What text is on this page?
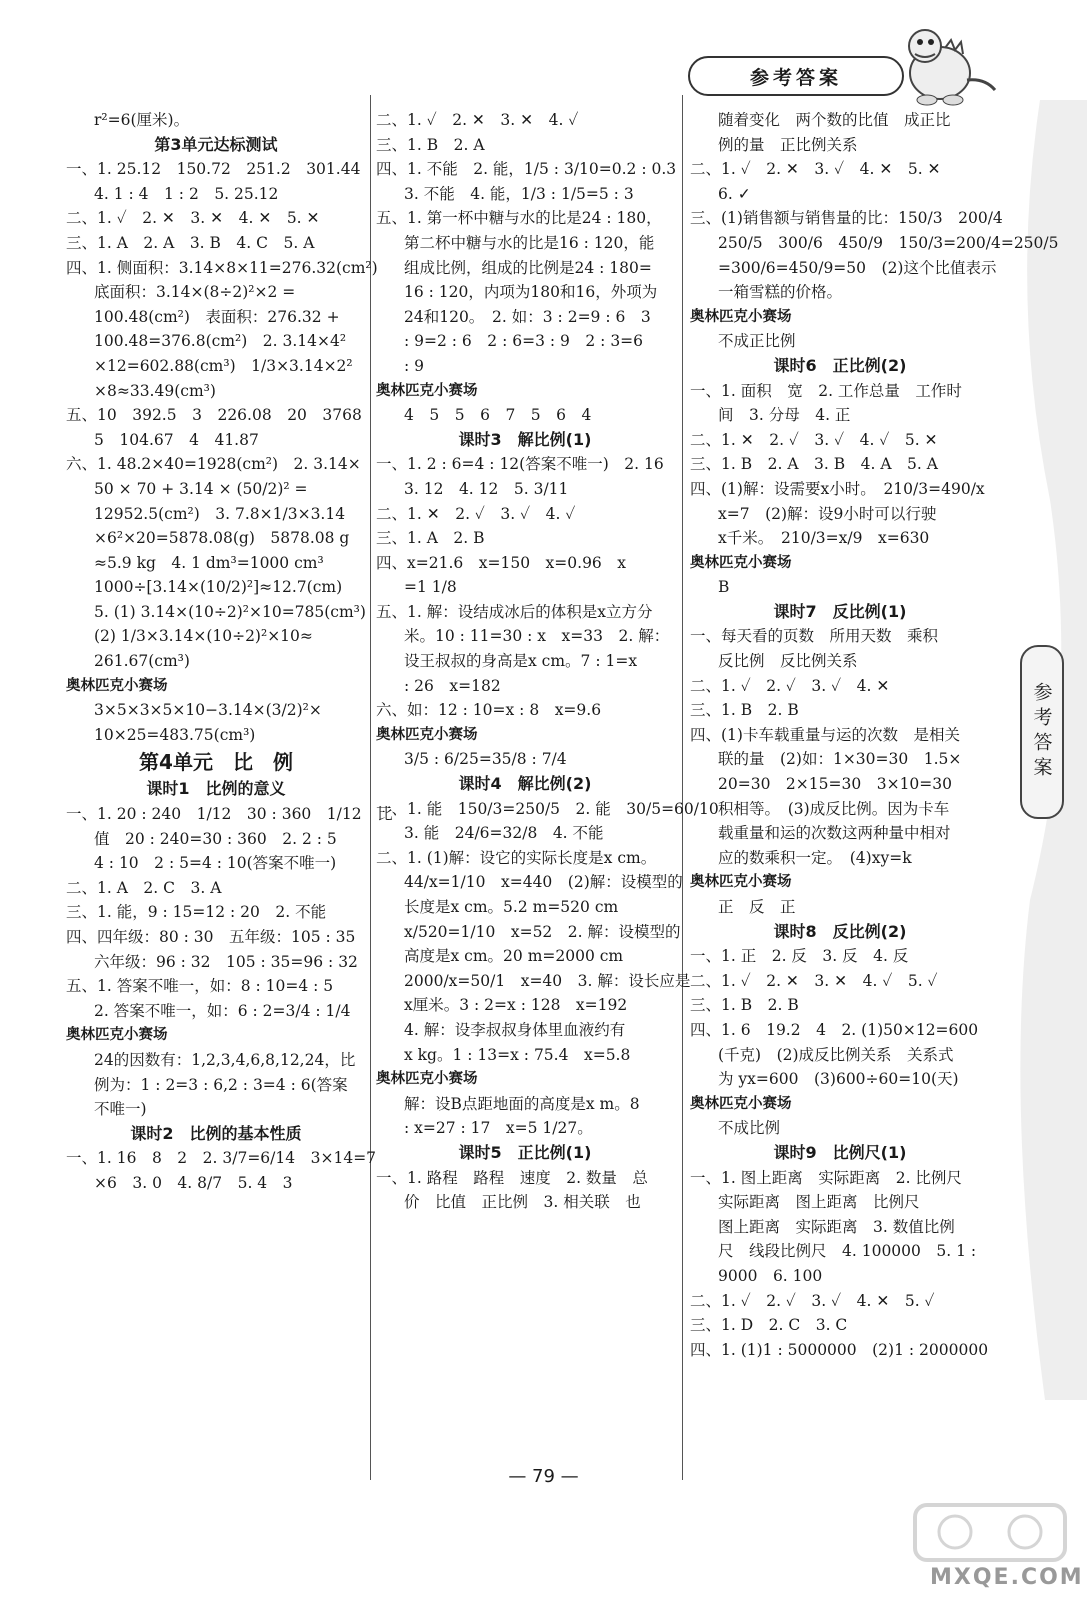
参考答案
参考答案
r²=6(厘米)。
第3单元达标测试
一、1. 25.12　150.72　251.2　301.44
4. 1 : 4　1 : 2　5. 25.12
二、1. ✓　2. ✕　3. ✕　4. ✕　5. ✕
三、1. A　2. A　3. B　4. C　5. A
四、1. 侧面积：3.14×8×11=276.32(cm²)
底面积：3.14×(8÷2)²×2 =
100.48(cm²)　表面积：276.32 +
100.48=376.8(cm²)　2. 3.14×4²
×12=602.88(cm³)　1/3×3.14×2²
×8≈33.49(cm³)
五、10　392.5　3　226.08　20　3768
5　104.67　4　41.87
六、1. 48.2×40=1928(cm²)　2. 3.14×
50 × 70 + 3.14 × (50/2)² =
12952.5(cm²)　3. 7.8×1/3×3.14
×6²×20=5878.08(g)　5878.08 g
≈5.9 kg　4. 1 dm³=1000 cm³
1000÷[3.14×(10/2)²]≈12.7(cm)
5. (1) 3.14×(10÷2)²×10=785(cm³)
(2) 1/3×3.14×(10÷2)²×10≈
261.67(cm³)
奥林匹克小赛场
3×5×3×5×10−3.14×(3/2)²×
10×25=483.75(cm³)
第4单元　比　例
课时1　比例的意义
一、1. 20 : 240　1/12　30 : 360　1/12　比
值　20 : 240=30 : 360　2. 2 : 5
4 : 10　2 : 5=4 : 10(答案不唯一)
二、1. A　2. C　3. A
三、1. 能，9 : 15=12 : 20　2. 不能
四、四年级：80 : 30　五年级：105 : 35
六年级：96 : 32　105 : 35=96 : 32
五、1. 答案不唯一，如：8 : 10=4 : 5
2. 答案不唯一，如：6 : 2=3/4 : 1/4
奥林匹克小赛场
24的因数有：1,2,3,4,6,8,12,24，比
例为：1 : 2=3 : 6,2 : 3=4 : 6(答案
不唯一)
课时2　比例的基本性质
一、1. 16　8　2　2. 3/7=6/14　3×14=7
×6　3. 0　4. 8/7　5. 4　3
二、1. ✓　2. ✕　3. ✕　4. ✓
三、1. B　2. A
四、1. 不能　2. 能，1/5 : 3/10=0.2 : 0.3
3. 不能　4. 能，1/3 : 1/5=5 : 3
五、1. 第一杯中糖与水的比是24 : 180，
第二杯中糖与水的比是16 : 120，能
组成比例，组成的比例是24 : 180=
16 : 120，内项为180和16，外项为
24和120。　2. 如：3 : 2=9 : 6　3
: 9=2 : 6　2 : 6=3 : 9　2 : 3=6
: 9
奥林匹克小赛场
4　5　5　6　7　5　6　4
课时3　解比例(1)
一、1. 2 : 6=4 : 12(答案不唯一)　2. 16
3. 12　4. 12　5. 3/11
二、1. ✕　2. ✓　3. ✓　4. ✓
三、1. A　2. B
四、x=21.6　x=150　x=0.96　x
=1 1/8
五、1. 解：设结成冰后的体积是x立方分
米。10 : 11=30 : x　x=33　2. 解：
设王叔叔的身高是x cm。7 : 1=x
: 26　x=182
六、如：12 : 10=x : 8　x=9.6
奥林匹克小赛场
3/5 : 6/25=35/8 : 7/4
课时4　解比例(2)
一、1. 能　150/3=250/5　2. 能　30/5=60/10
3. 能　24/6=32/8　4. 不能
二、1. (1)解：设它的实际长度是x cm。
44/x=1/10　x=440　(2)解：设模型的
长度是x cm。5.2 m=520 cm
x/520=1/10　x=52　2. 解：设模型的
高度是x cm。20 m=2000 cm
2000/x=50/1　x=40　3. 解：设长应是
x厘米。3 : 2=x : 128　x=192
4. 解：设李叔叔身体里血液约有
x kg。1 : 13=x : 75.4　x=5.8
奥林匹克小赛场
解：设B点距地面的高度是x m。8
: x=27 : 17　x=5 1/27。
课时5　正比例(1)
一、1. 路程　路程　速度　2. 数量　总
价　比值　正比例　3. 相关联　也
随着变化　两个数的比值　成正比
例的量　正比例关系
二、1. ✓　2. ✕　3. ✓　4. ✕　5. ✕
6. ✓
三、(1)销售额与销售量的比：150/3　200/4
250/5　300/6　450/9　150/3=200/4=250/5
=300/6=450/9=50　(2)这个比值表示
一箱雪糕的价格。
奥林匹克小赛场
不成正比例
课时6　正比例(2)
一、1. 面积　宽　2. 工作总量　工作时
间　3. 分母　4. 正
二、1. ✕　2. ✓　3. ✓　4. ✓　5. ✕
三、1. B　2. A　3. B　4. A　5. A
四、(1)解：设需要x小时。　210/3=490/x
x=7　(2)解：设9小时可以行驶
x千米。　210/3=x/9　x=630
奥林匹克小赛场
B
课时7　反比例(1)
一、每天看的页数　所用天数　乘积
反比例　反比例关系
二、1. ✓　2. ✓　3. ✓　4. ✕
三、1. B　2. B
四、(1)卡车载重量与运的次数　是相关
联的量　(2)如：1×30=30　1.5×
20=30　2×15=30　3×10=30
积相等。　(3)成反比例。因为卡车
载重量和运的次数这两种量中相对
应的数乘积一定。　(4)xy=k
奥林匹克小赛场
正　反　正
课时8　反比例(2)
一、1. 正　2. 反　3. 反　4. 反
二、1. ✓　2. ✕　3. ✕　4. ✓　5. ✓
三、1. B　2. B
四、1. 6　19.2　4　2. (1)50×12=600
(千克)　(2)成反比例关系　关系式
为 yx=600　(3)600÷60=10(天)
奥林匹克小赛场
不成比例
课时9　比例尺(1)
一、1. 图上距离　实际距离　2. 比例尺
实际距离　图上距离　比例尺
图上距离　实际距离　3. 数值比例
尺　线段比例尺　4. 100000　5. 1 :
9000　6. 100
二、1. ✓　2. ✓　3. ✓　4. ✕　5. ✓
三、1. D　2. C　3. C
四、1. (1)1 : 5000000　(2)1 : 2000000
— 79 —
MXQE.COM
